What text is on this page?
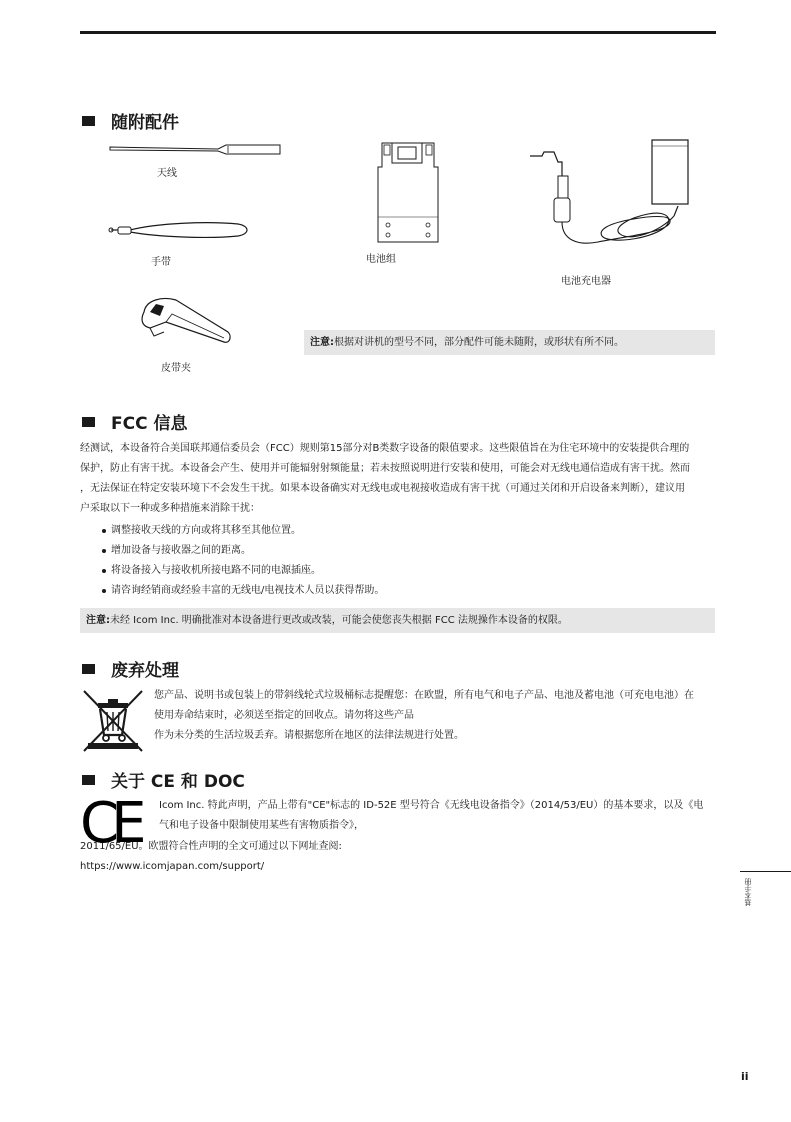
随附配件
天线
手带	电池组
电池充电器
皮带夹
注意:根据对讲机的型号不同，部分配件可能未随附，或形状有所不同。
FCC 信息
经测试，本设备符合美国联邦通信委员会（FCC）规则第15部分对B类数字设备的限值要求。这些限值旨在为住宅环境中的安装提供合理的
保护，防止有害干扰。本设备会产生、使用并可能辐射射频能量；若未按照说明进行安装和使用，可能会对无线电通信造成有害干扰。然而
，无法保证在特定安装环境下不会发生干扰。如果本设备确实对无线电或电视接收造成有害干扰（可通过关闭和开启设备来判断），建议用
户采取以下一种或多种措施来消除干扰：
调整接收天线的方向或将其移至其他位置。
增加设备与接收器之间的距离。
将设备接入与接收机所接电路不同的电源插座。
请咨询经销商或经验丰富的无线电/电视技术人员以获得帮助。
注意:未经 Icom Inc. 明确批准对本设备进行更改或改装，可能会使您丧失根据 FCC 法规操作本设备的权限。
废弃处理
您产品、说明书或包装上的带斜线轮式垃圾桶标志提醒您：在欧盟，所有电气和电子产品、电池及蓄电池（可充电电池）在
使用寿命结束时，必须送至指定的回收点。请勿将这些产品
作为未分类的生活垃圾丢弃。请根据您所在地区的法律法规进行处置。
关于 CE 和 DOC
Icom Inc. 特此声明，产品上带有"CE"标志的 ID-52E 型号符合《无线电设备指令》（2014/53/EU）的基本要求，以及《电
气和电子设备中限制使用某些有害物质指令》，
2011/65/EU。欧盟符合性声明的全文可通过以下网址查阅:
https://www.icomjapan.com/support/
CE
基本手册
ii
